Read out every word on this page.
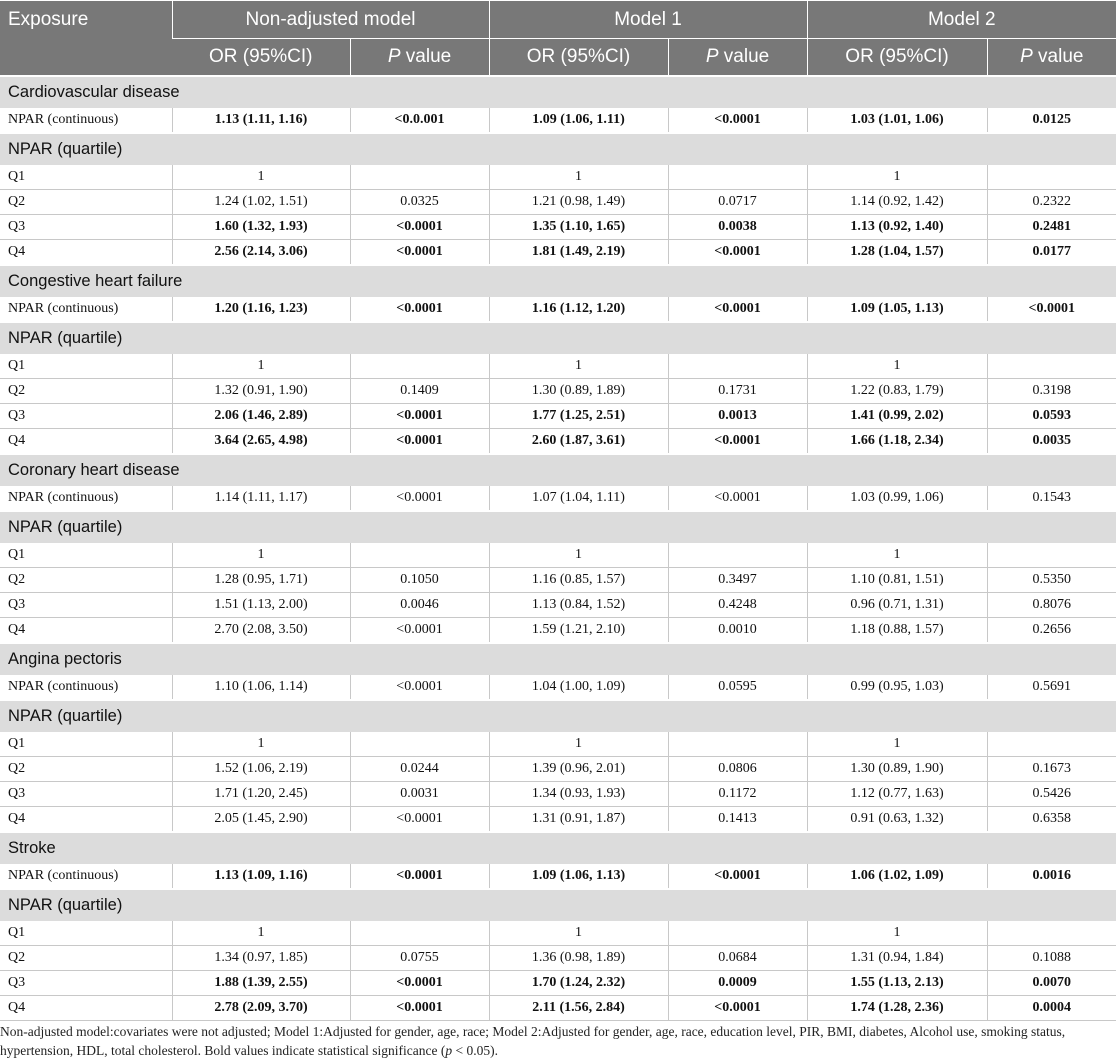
Exposure	Non-adjusted model		Model 1		Model 2	
	OR (95%CI)	P value	OR (95%CI)	P value	OR (95%CI)	P value
Cardiovascular disease						
NPAR (continuous)	1.13 (1.11, 1.16)	<0.0.001	1.09 (1.06, 1.11)	<0.0001	1.03 (1.01, 1.06)	0.0125
NPAR (quartile)						
Q1	1		1		1	
Q2	1.24 (1.02, 1.51)	0.0325	1.21 (0.98, 1.49)	0.0717	1.14 (0.92, 1.42)	0.2322
Q3	1.60 (1.32, 1.93)	<0.0001	1.35 (1.10, 1.65)	0.0038	1.13 (0.92, 1.40)	0.2481
Q4	2.56 (2.14, 3.06)	<0.0001	1.81 (1.49, 2.19)	<0.0001	1.28 (1.04, 1.57)	0.0177
Congestive heart failure						
NPAR (continuous)	1.20 (1.16, 1.23)	<0.0001	1.16 (1.12, 1.20)	<0.0001	1.09 (1.05, 1.13)	<0.0001
NPAR (quartile)						
Q1	1		1		1	
Q2	1.32 (0.91, 1.90)	0.1409	1.30 (0.89, 1.89)	0.1731	1.22 (0.83, 1.79)	0.3198
Q3	2.06 (1.46, 2.89)	<0.0001	1.77 (1.25, 2.51)	0.0013	1.41 (0.99, 2.02)	0.0593
Q4	3.64 (2.65, 4.98)	<0.0001	2.60 (1.87, 3.61)	<0.0001	1.66 (1.18, 2.34)	0.0035
Coronary heart disease						
NPAR (continuous)	1.14 (1.11, 1.17)	<0.0001	1.07 (1.04, 1.11)	<0.0001	1.03 (0.99, 1.06)	0.1543
NPAR (quartile)						
Q1	1		1		1	
Q2	1.28 (0.95, 1.71)	0.1050	1.16 (0.85, 1.57)	0.3497	1.10 (0.81, 1.51)	0.5350
Q3	1.51 (1.13, 2.00)	0.0046	1.13 (0.84, 1.52)	0.4248	0.96 (0.71, 1.31)	0.8076
Q4	2.70 (2.08, 3.50)	<0.0001	1.59 (1.21, 2.10)	0.0010	1.18 (0.88, 1.57)	0.2656
Angina pectoris						
NPAR (continuous)	1.10 (1.06, 1.14)	<0.0001	1.04 (1.00, 1.09)	0.0595	0.99 (0.95, 1.03)	0.5691
NPAR (quartile)						
Q1	1		1		1	
Q2	1.52 (1.06, 2.19)	0.0244	1.39 (0.96, 2.01)	0.0806	1.30 (0.89, 1.90)	0.1673
Q3	1.71 (1.20, 2.45)	0.0031	1.34 (0.93, 1.93)	0.1172	1.12 (0.77, 1.63)	0.5426
Q4	2.05 (1.45, 2.90)	<0.0001	1.31 (0.91, 1.87)	0.1413	0.91 (0.63, 1.32)	0.6358
Stroke						
NPAR (continuous)	1.13 (1.09, 1.16)	<0.0001	1.09 (1.06, 1.13)	<0.0001	1.06 (1.02, 1.09)	0.0016
NPAR (quartile)						
Q1	1		1		1	
Q2	1.34 (0.97, 1.85)	0.0755	1.36 (0.98, 1.89)	0.0684	1.31 (0.94, 1.84)	0.1088
Q3	1.88 (1.39, 2.55)	<0.0001	1.70 (1.24, 2.32)	0.0009	1.55 (1.13, 2.13)	0.0070
Q4	2.78 (2.09, 3.70)	<0.0001	2.11 (1.56, 2.84)	<0.0001	1.74 (1.28, 2.36)	0.0004
Non-adjusted model:covariates were not adjusted; Model 1:Adjusted for gender, age, race; Model 2:Adjusted for gender, age, race, education level, PIR, BMI, diabetes, Alcohol use, smoking status, hypertension, HDL, total cholesterol. Bold values indicate statistical significance (p < 0.05).
